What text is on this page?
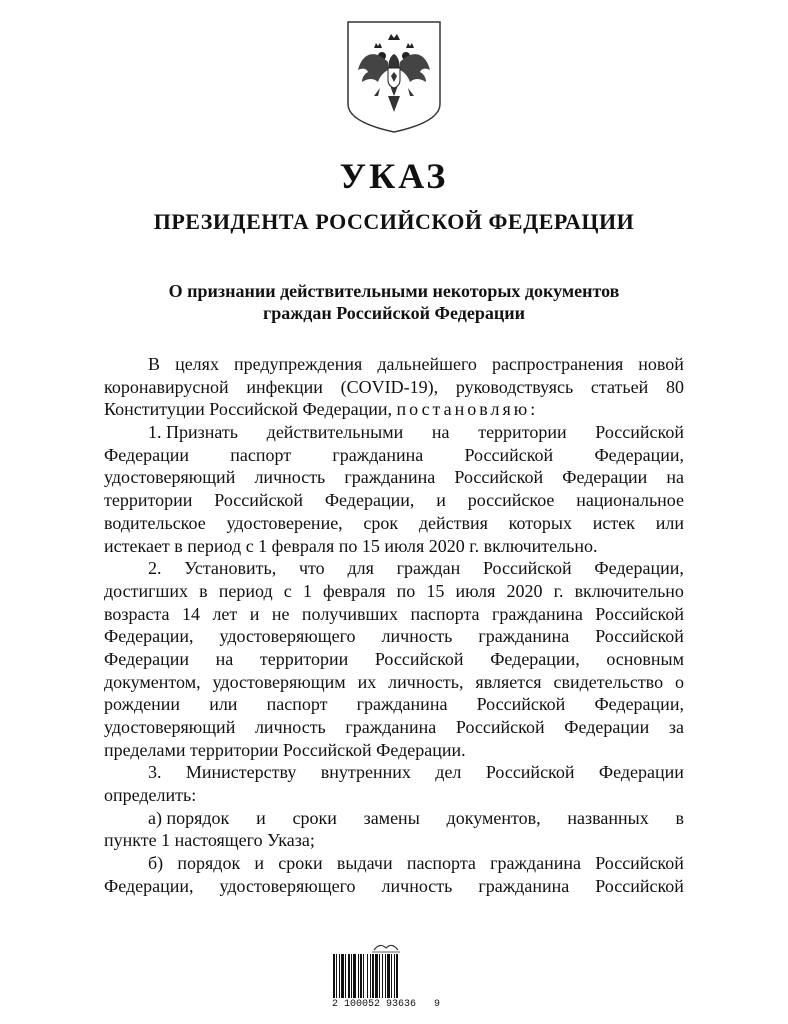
УКАЗ
ПРЕЗИДЕНТА РОССИЙСКОЙ ФЕДЕРАЦИИ
О признании действительными некоторых документов
граждан Российской Федерации
В целях предупреждения дальнейшего распространения новой
коронавирусной инфекции (COVID-19), руководствуясь статьей 80
Конституции Российской Федерации, постановляю:
1. Признать действительными на территории Российской
Федерации паспорт гражданина Российской Федерации,
удостоверяющий личность гражданина Российской Федерации на
территории Российской Федерации, и российское национальное
водительское удостоверение, срок действия которых истек или
истекает в период с 1 февраля по 15 июля 2020 г. включительно.
2. Установить, что для граждан Российской Федерации,
достигших в период с 1 февраля по 15 июля 2020 г. включительно
возраста 14 лет и не получивших паспорта гражданина Российской
Федерации, удостоверяющего личность гражданина Российской
Федерации на территории Российской Федерации, основным
документом, удостоверяющим их личность, является свидетельство о
рождении или паспорт гражданина Российской Федерации,
удостоверяющий личность гражданина Российской Федерации за
пределами территории Российской Федерации.
3. Министерству внутренних дел Российской Федерации
определить:
а) порядок и сроки замены документов, названных в
пункте 1 настоящего Указа;
б) порядок и сроки выдачи паспорта гражданина Российской
Федерации, удостоверяющего личность гражданина Российской
2 100052 93636   9
